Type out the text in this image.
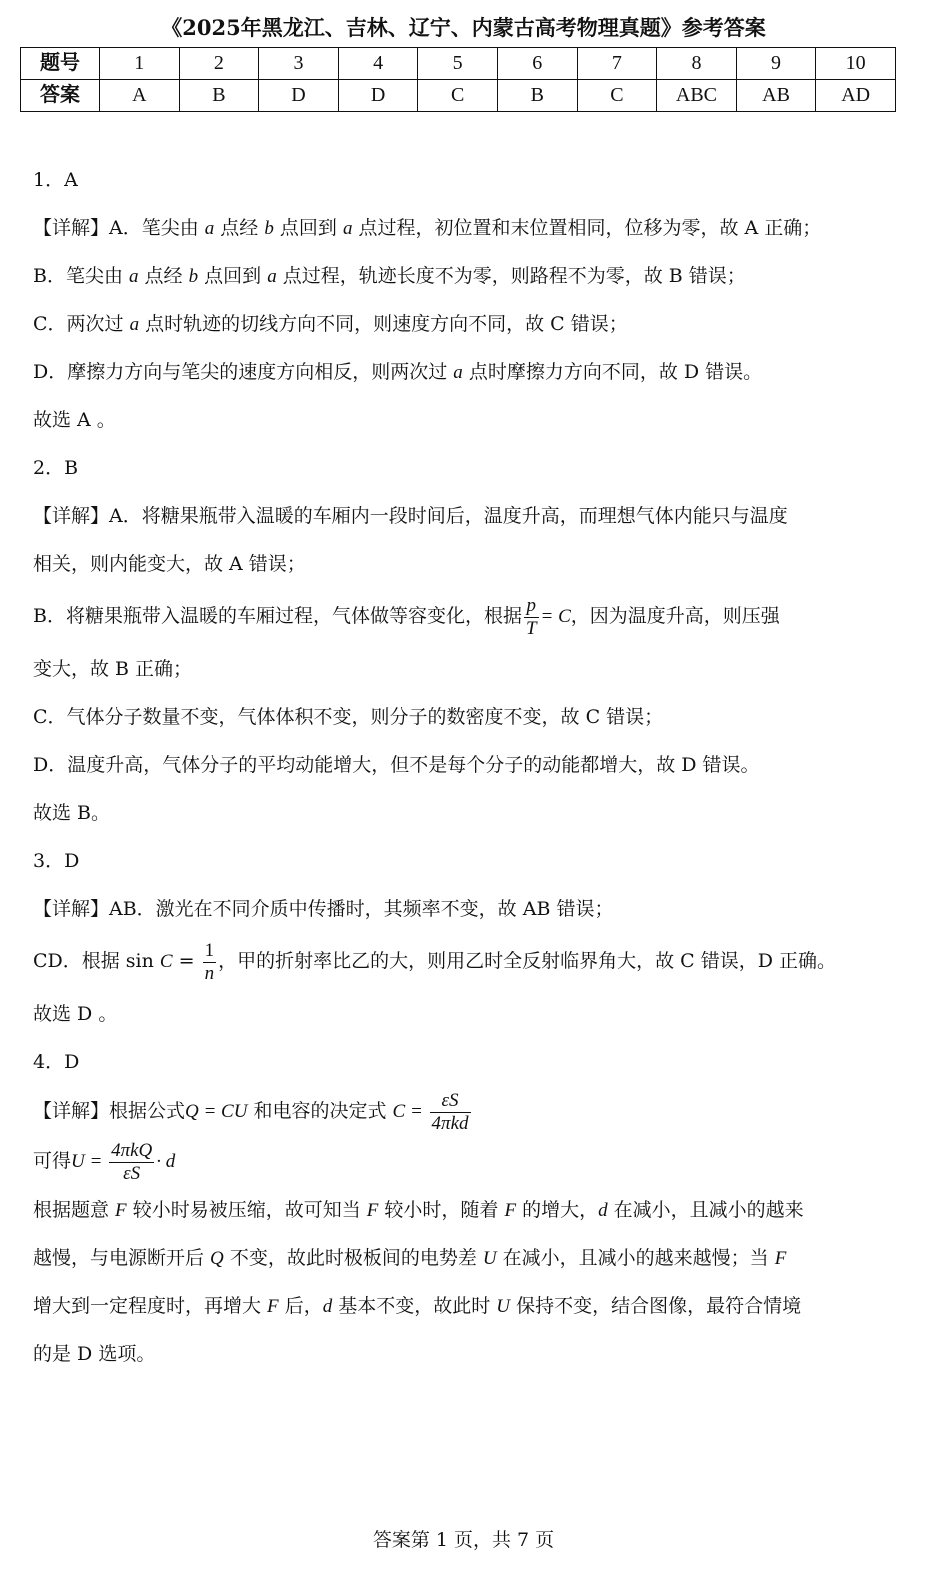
《2025年黑龙江、吉林、辽宁、内蒙古高考物理真题》参考答案
题号	1	2	3	4	5	6	7	8	9	10
答案	A	B	D	D	C	B	C	ABC	AB	AD
1．A
【详解】A．笔尖由 a 点经 b 点回到 a 点过程，初位置和末位置相同，位移为零，故 A 正确；
B．笔尖由 a 点经 b 点回到 a 点过程，轨迹长度不为零，则路程不为零，故 B 错误；
C．两次过 a 点时轨迹的切线方向不同，则速度方向不同，故 C 错误；
D．摩擦力方向与笔尖的速度方向相反，则两次过 a 点时摩擦力方向不同，故 D 错误。
故选 A 。
2．B
【详解】A．将糖果瓶带入温暖的车厢内一段时间后，温度升高，而理想气体内能只与温度
相关，则内能变大，故 A 错误；
B．将糖果瓶带入温暖的车厢过程，气体做等容变化，根据 $\frac{p}{T} = C$，因为温度升高，则压强
变大，故 B 正确；
C．气体分子数量不变，气体体积不变，则分子的数密度不变，故 C 错误；
D．温度升高，气体分子的平均动能增大，但不是每个分子的动能都增大，故 D 错误。
故选 B。
3．D
【详解】AB．激光在不同介质中传播时，其频率不变，故 AB 错误；
CD．根据 $\sin C = \frac{1}{n}$ ，甲的折射率比乙的大，则用乙时全反射临界角大，故 C 错误，D 正确。
故选 D 。
4．D
【详解】根据公式Q = CU 和电容的决定式 $C = \frac{\varepsilon S}{\text{4πkd}}$
可得$U = \frac{\text{4πkQ}}{\varepsilon S} \cdot d$
根据题意 F 较小时易被压缩，故可知当 F 较小时，随着 F 的增大，d 在减小，且减小的越来
越慢，与电源断开后 Q 不变，故此时极板间的电势差 U 在减小，且减小的越来越慢；当 F
增大到一定程度时，再增大 F 后，d 基本不变，故此时 U 保持不变，结合图像，最符合情境
的是 D 选项。
答案第 1 页，共 7 页
